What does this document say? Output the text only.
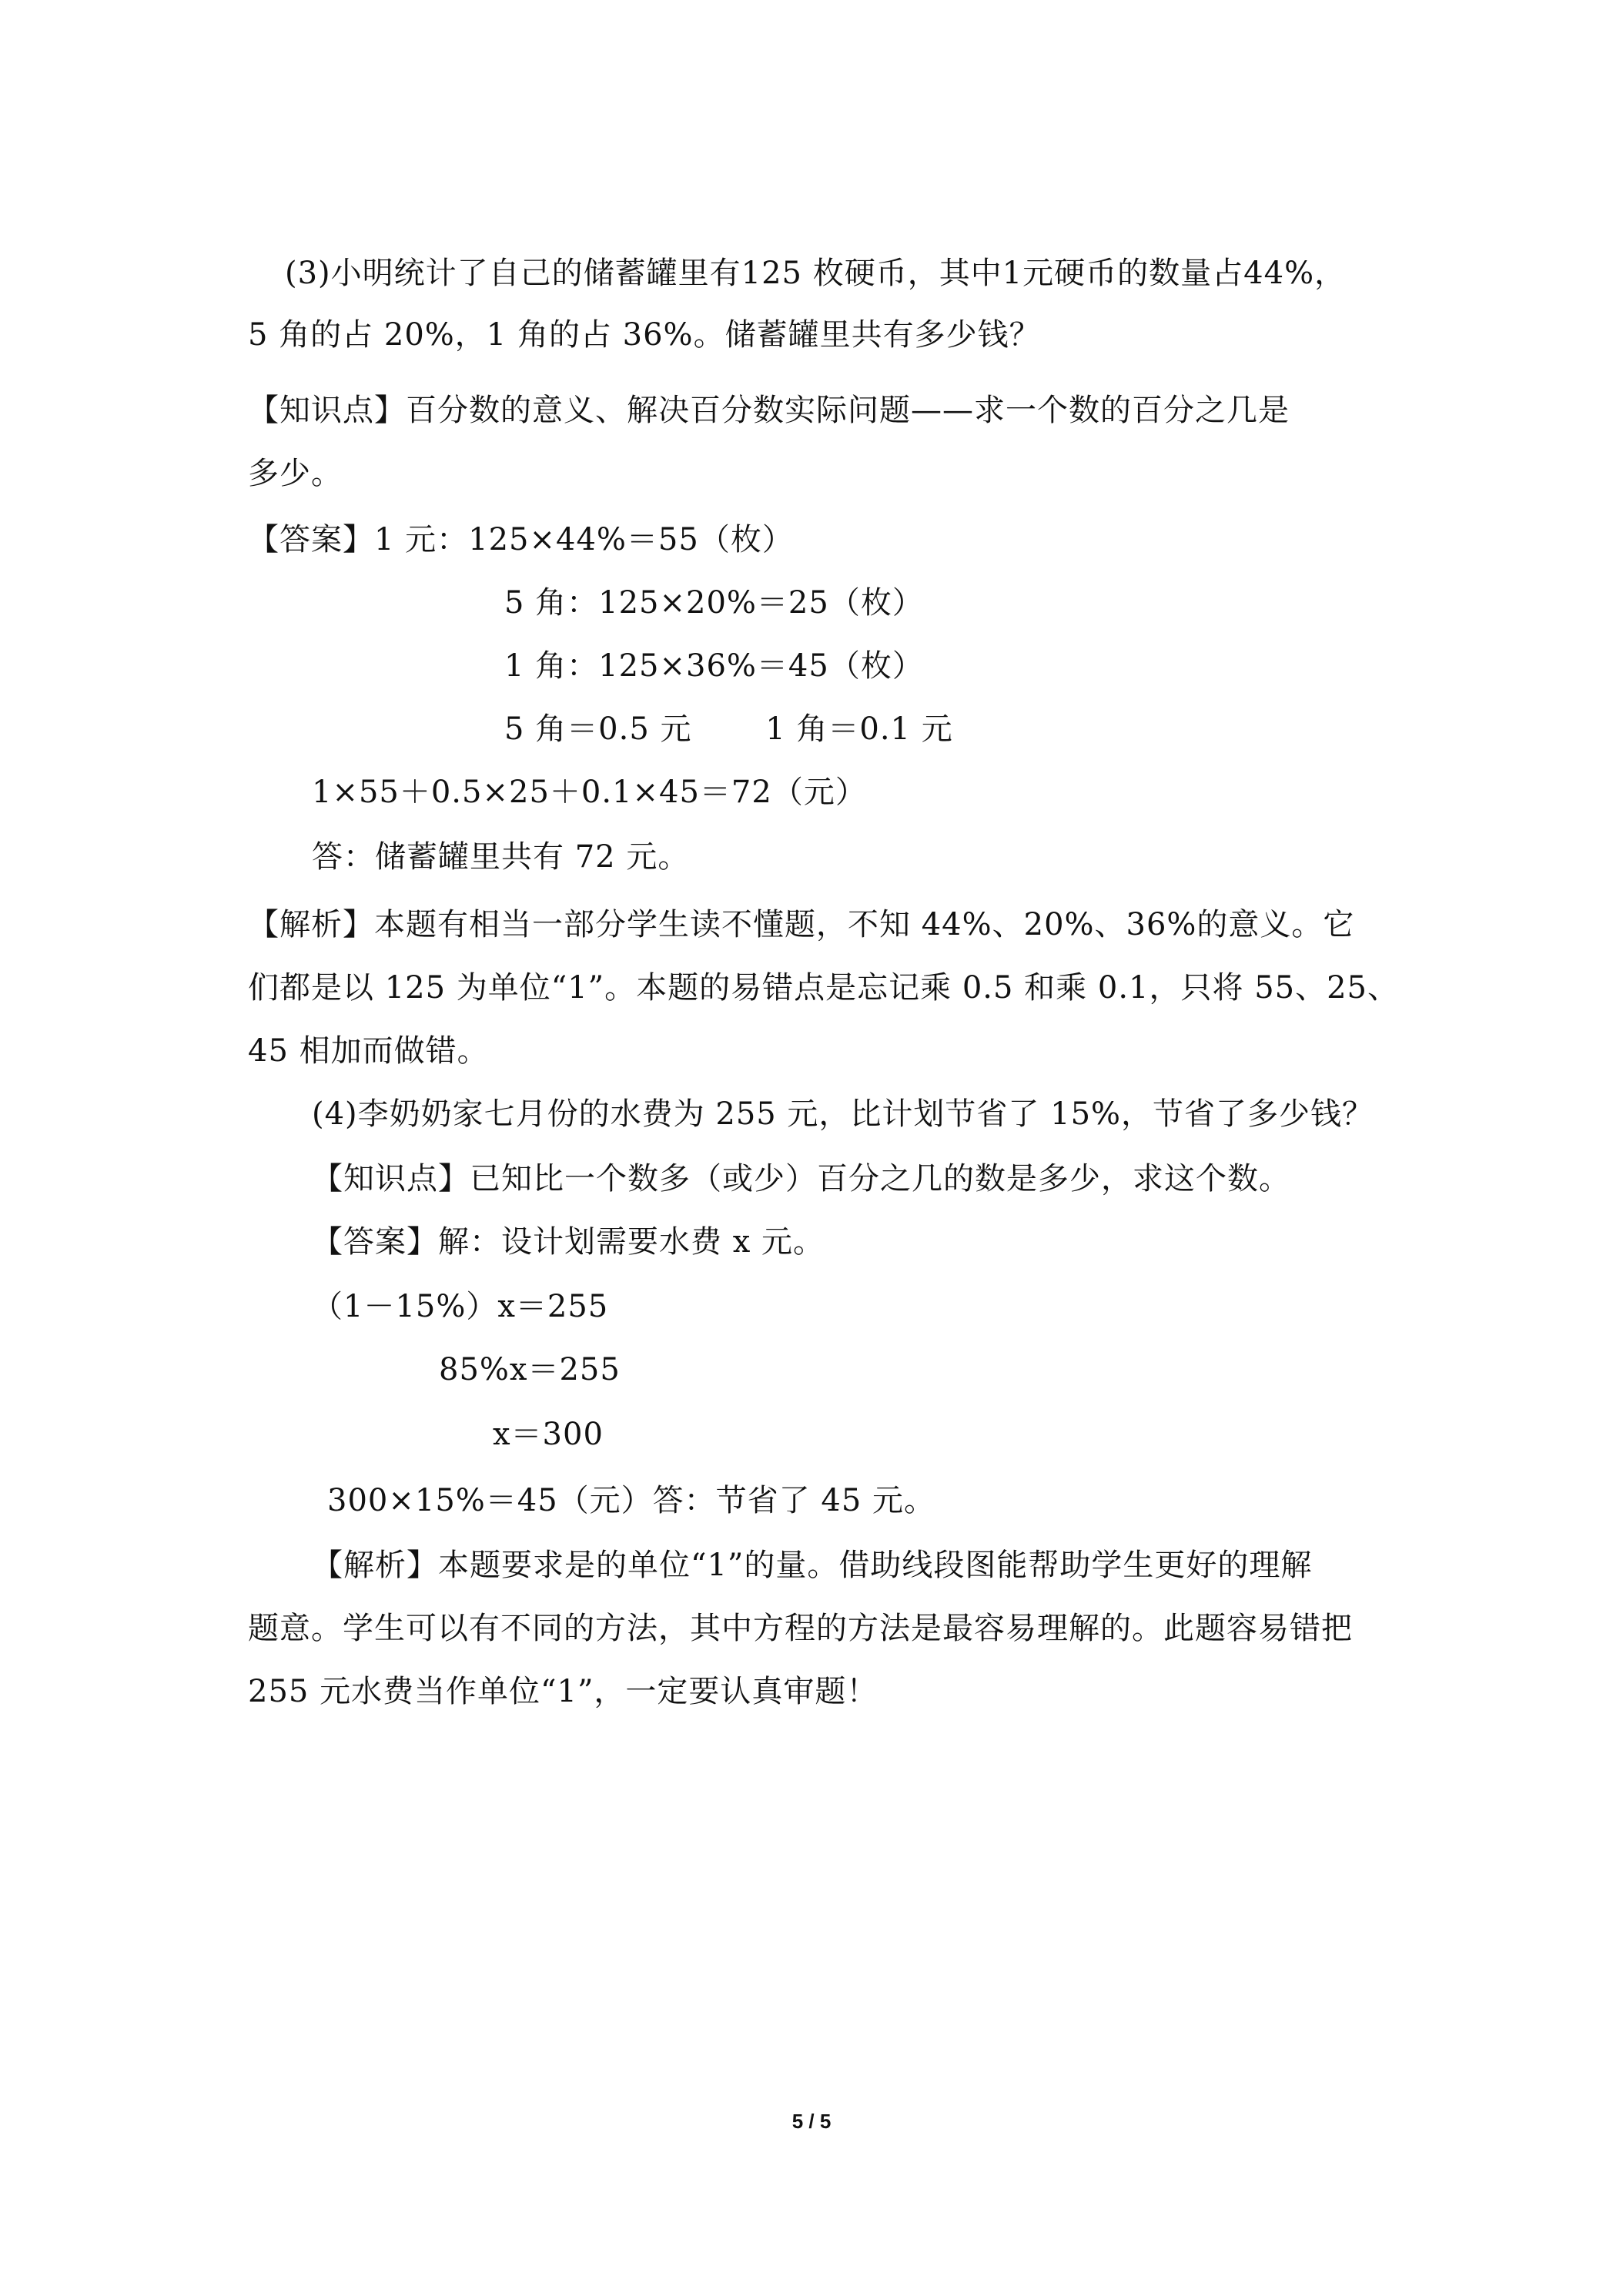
(3)小明统计了自己的储蓄罐里有125 枚硬币，其中1元硬币的数量占44%，
5 角的占 20%，1 角的占 36%。储蓄罐里共有多少钱？
【知识点】百分数的意义、解决百分数实际问题——求一个数的百分之几是
多少。
【答案】1 元：125×44%＝55（枚）
5 角：125×20%＝25（枚）
1 角：125×36%＝45（枚）
5 角＝0.5 元　　 1 角＝0.1 元
1×55＋0.5×25＋0.1×45＝72（元）
答：储蓄罐里共有 72 元。
【解析】本题有相当一部分学生读不懂题，不知 44%、20%、36%的意义。它
们都是以 125 为单位“1”。本题的易错点是忘记乘 0.5 和乘 0.1，只将 55、25、
45 相加而做错。
(4)李奶奶家七月份的水费为 255 元，比计划节省了 15%，节省了多少钱？
【知识点】已知比一个数多（或少）百分之几的数是多少，求这个数。
【答案】解：设计划需要水费 x 元。
（1－15%）x＝255
85%x＝255
x＝300
300×15%＝45（元）答：节省了 45 元。
【解析】本题要求是的单位“1”的量。借助线段图能帮助学生更好的理解
题意。学生可以有不同的方法，其中方程的方法是最容易理解的。此题容易错把
255 元水费当作单位“1”，一定要认真审题！
5 / 5
